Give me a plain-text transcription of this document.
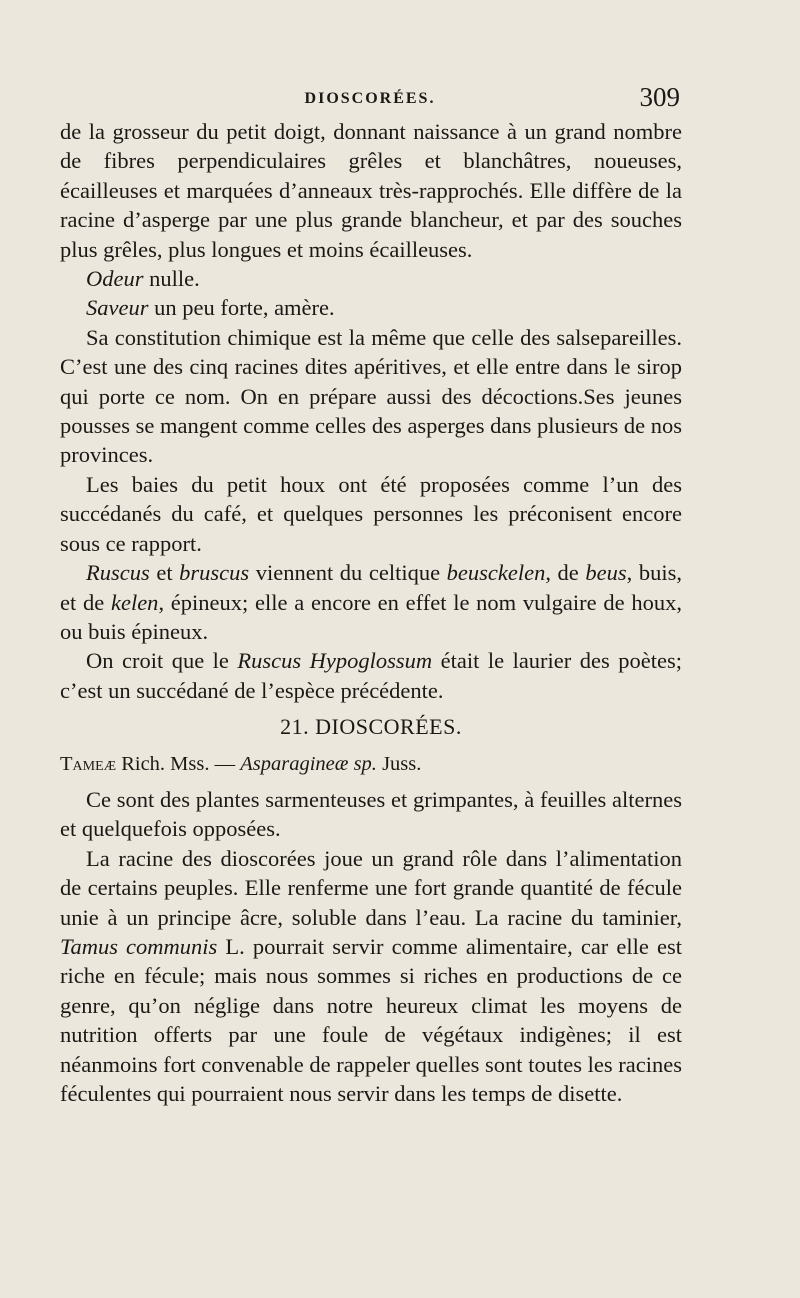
DIOSCORÉES.	309

de la grosseur du petit doigt, donnant naissance à un grand nombre de fibres perpendiculaires grêles et blanchâtres, noueuses, écailleuses et marquées d’anneaux très-rapprochés. Elle diffère de la racine d’asperge par une plus grande blancheur, et par des souches plus grêles, plus longues et moins écailleuses.

Odeur nulle.

Saveur un peu forte, amère.

Sa constitution chimique est la même que celle des salsepareilles. C’est une des cinq racines dites apéritives, et elle entre dans le sirop qui porte ce nom. On en prépare aussi des décoctions.Ses jeunes pousses se mangent comme celles des asperges dans plusieurs de nos provinces.

Les baies du petit houx ont été proposées comme l’un des succédanés du café, et quelques personnes les préconisent encore sous ce rapport.

Ruscus et bruscus viennent du celtique beusckelen, de beus, buis, et de kelen, épineux; elle a encore en effet le nom vulgaire de houx, ou buis épineux.

On croit que le Ruscus Hypoglossum était le laurier des poètes; c’est un succédané de l’espèce précédente.

21. DIOSCORÉES.

Tameæ Rich. Mss. — Asparagineæ sp. Juss.

Ce sont des plantes sarmenteuses et grimpantes, à feuilles alternes et quelquefois opposées.

La racine des dioscorées joue un grand rôle dans l’alimentation de certains peuples. Elle renferme une fort grande quantité de fécule unie à un principe âcre, soluble dans l’eau. La racine du taminier, Tamus communis L. pourrait servir comme alimentaire, car elle est riche en fécule; mais nous sommes si riches en productions de ce genre, qu’on néglige dans notre heureux climat les moyens de nutrition offerts par une foule de végétaux indigènes; il est néanmoins fort convenable de rappeler quelles sont toutes les racines féculentes qui pourraient nous servir dans les temps de disette.
